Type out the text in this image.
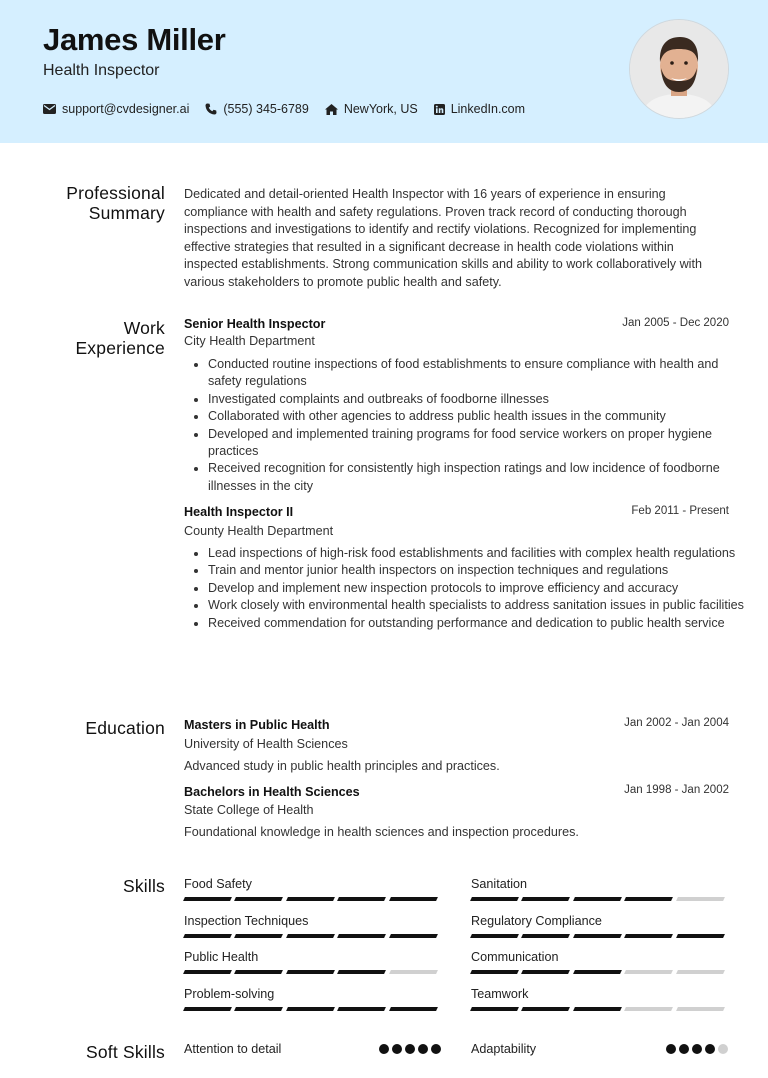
James Miller
Health Inspector
support@cvdesigner.ai	(555) 345-6789	NewYork, US	LinkedIn.com
Professional
Summary
Dedicated and detail-oriented Health Inspector with 16 years of experience in ensuring compliance with health and safety regulations. Proven track record of conducting thorough inspections and investigations to identify and rectify violations. Recognized for implementing effective strategies that resulted in a significant decrease in health code violations within inspected establishments. Strong communication skills and ability to work collaboratively with various stakeholders to promote public health and safety.
Work
Experience
Senior Health Inspector	Jan 2005 - Dec 2020
City Health Department
Conducted routine inspections of food establishments to ensure compliance with health and safety regulations
Investigated complaints and outbreaks of foodborne illnesses
Collaborated with other agencies to address public health issues in the community
Developed and implemented training programs for food service workers on proper hygiene practices
Received recognition for consistently high inspection ratings and low incidence of foodborne illnesses in the city
Health Inspector II	Feb 2011 - Present
County Health Department
Lead inspections of high-risk food establishments and facilities with complex health regulations
Train and mentor junior health inspectors on inspection techniques and regulations
Develop and implement new inspection protocols to improve efficiency and accuracy
Work closely with environmental health specialists to address sanitation issues in public facilities
Received commendation for outstanding performance and dedication to public health service
Education Masters in Public Health	Jan 2002 - Jan 2004
University of Health Sciences
Advanced study in public health principles and practices.
Bachelors in Health Sciences	Jan 1998 - Jan 2002
State College of Health
Foundational knowledge in health sciences and inspection procedures.
Skills Food Safety	Sanitation
Inspection Techniques	Regulatory Compliance
Public Health	Communication
Problem-solving	Teamwork
Soft Skills Attention to detail	Adaptability
